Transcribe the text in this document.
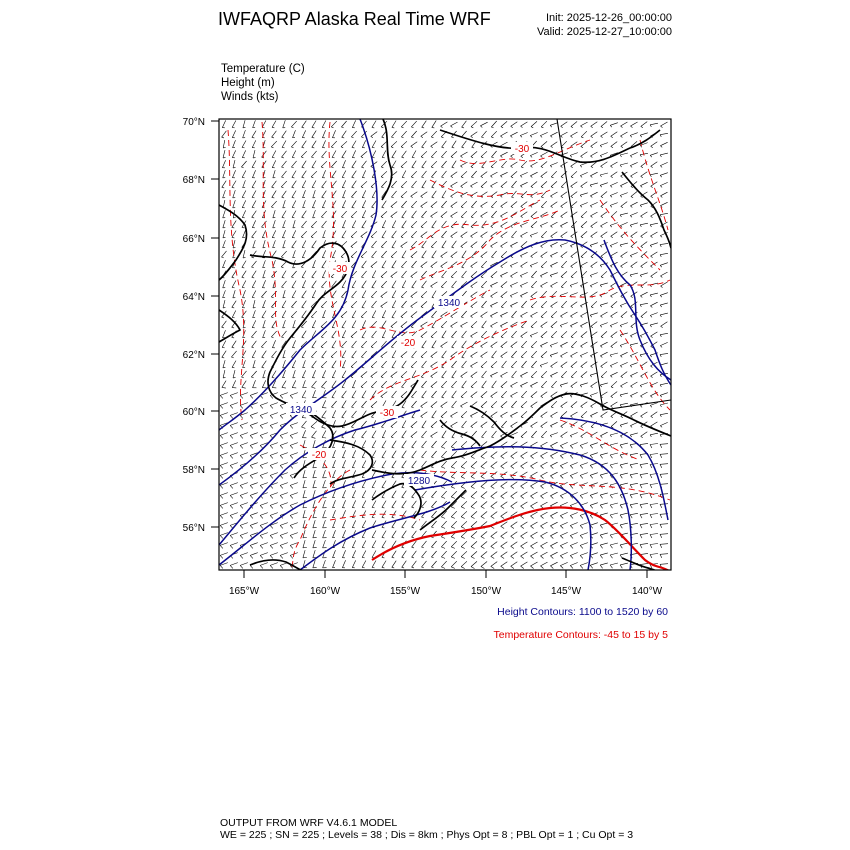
IWFAQRP Alaska Real Time WRF	Init: 2025-12-26_00:00:00
Valid: 2025-12-27_10:00:00
Temperature (C)
Height (m)
Winds (kts)
70°N
68°N
66°N
64°N
62°N
60°N
58°N
56°N
165°W	160°W	155°W	150°W	145°W	140°W
1340
1340
1280
-30
-30
-20
-30
-20
Height Contours: 1100 to 1520 by 60
Temperature Contours: -45 to 15 by 5
OUTPUT FROM WRF V4.6.1 MODEL
WE = 225 ; SN = 225 ; Levels = 38 ; Dis = 8km ; Phys Opt = 8 ; PBL Opt = 1 ; Cu Opt = 3
